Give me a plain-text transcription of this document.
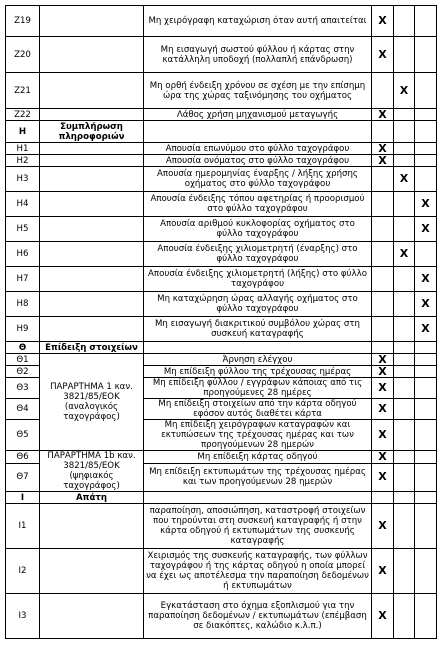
Z19		Μη χειρόγραφη καταχώριση όταν αυτή απαιτείται	X		
Z20		Μη εισαγωγή σωστού φύλλου ή κάρτας στην κατάλληλη υποδοχή (πολλαπλή επάνδρωση)	X		
Z21		Μη ορθή ένδειξη χρόνου σε σχέση με την επίσημη ώρα της χώρας ταξινόμησης του οχήματος		X	
Z22		Λάθος χρήση μηχανισμού μεταγωγής	X		
H	Συμπλήρωση πληροφοριών				
H1		Απουσία επωνύμου στο φύλλο ταχογράφου	X		
H2		Απουσία ονόματος στο φύλλο ταχογράφου	X		
H3		Απουσία ημερομηνίας έναρξης / λήξης χρήσης οχήματος στο φύλλο ταχογράφου		X	
H4		Απουσία ένδειξης τόπου αφετηρίας ή προορισμού στο φύλλο ταχογράφου			X
H5		Απουσία αριθμού κυκλοφορίας οχήματος στο φύλλο ταχογράφου			X
H6		Απουσία ένδειξης χιλιομετρητή (έναρξης) στο φύλλο ταχογράφου		X	
H7		Απουσία ένδειξης χιλιομετρητή (λήξης) στο φύλλο ταχογράφου			X
H8		Μη καταχώρηση ώρας αλλαγής οχήματος στο φύλλο ταχογράφου			X
H9		Μη εισαγωγή διακριτικού συμβόλου χώρας στη συσκευή καταγραφής			X
Θ	Επίδειξη στοιχείων				
Θ1	ΠΑΡΑΡΤΗΜΑ 1 καν. 3821/85/ΕΟΚ (αναλογικός ταχογράφος)	Άρνηση ελέγχου	X		
Θ2		Μη επίδειξη φύλλου της τρέχουσας ημέρας	X		
Θ3		Μη επίδειξη φύλλου / εγγράφων κάποιας από τις προηγούμενες 28 ημέρες	X		
Θ4		Μη επίδειξη στοιχείων από την κάρτα οδηγού εφόσον αυτός διαθέτει κάρτα	X		
Θ5		Μη επίδειξη χειρόγραφων καταγραφών και εκτυπώσεων της τρέχουσας ημέρας και των προηγούμενων 28 ημερών	X		
Θ6	ΠΑΡΑΡΤΗΜΑ 1b καν. 3821/85/ΕΟΚ (ψηφιακός ταχογράφος)	Μη επίδειξη κάρτας οδηγού	X		
Θ7		Μη επίδειξη εκτυπωμάτων της τρέχουσας ημέρας και των προηγούμενων 28 ημερών	X		
I	Απάτη				
I1		παραποίηση, αποσιώπηση, καταστροφή στοιχείων που τηρούνται στη συσκευή καταγραφής ή στην κάρτα οδηγού ή εκτυπωμάτων της συσκευής καταγραφής	X		
I2		Χειρισμός της συσκευής καταγραφής, των φύλλων ταχογράφου ή της κάρτας οδηγού η οποία μπορεί να έχει ως αποτέλεσμα την παραποίηση δεδομένων ή εκτυπωμάτων	X		
I3		Εγκατάσταση στο όχημα εξοπλισμού για την παραποίηση δεδομένων / εκτυπωμάτων (επέμβαση σε διακόπτες, καλώδιο κ.λ.π.)	X		
